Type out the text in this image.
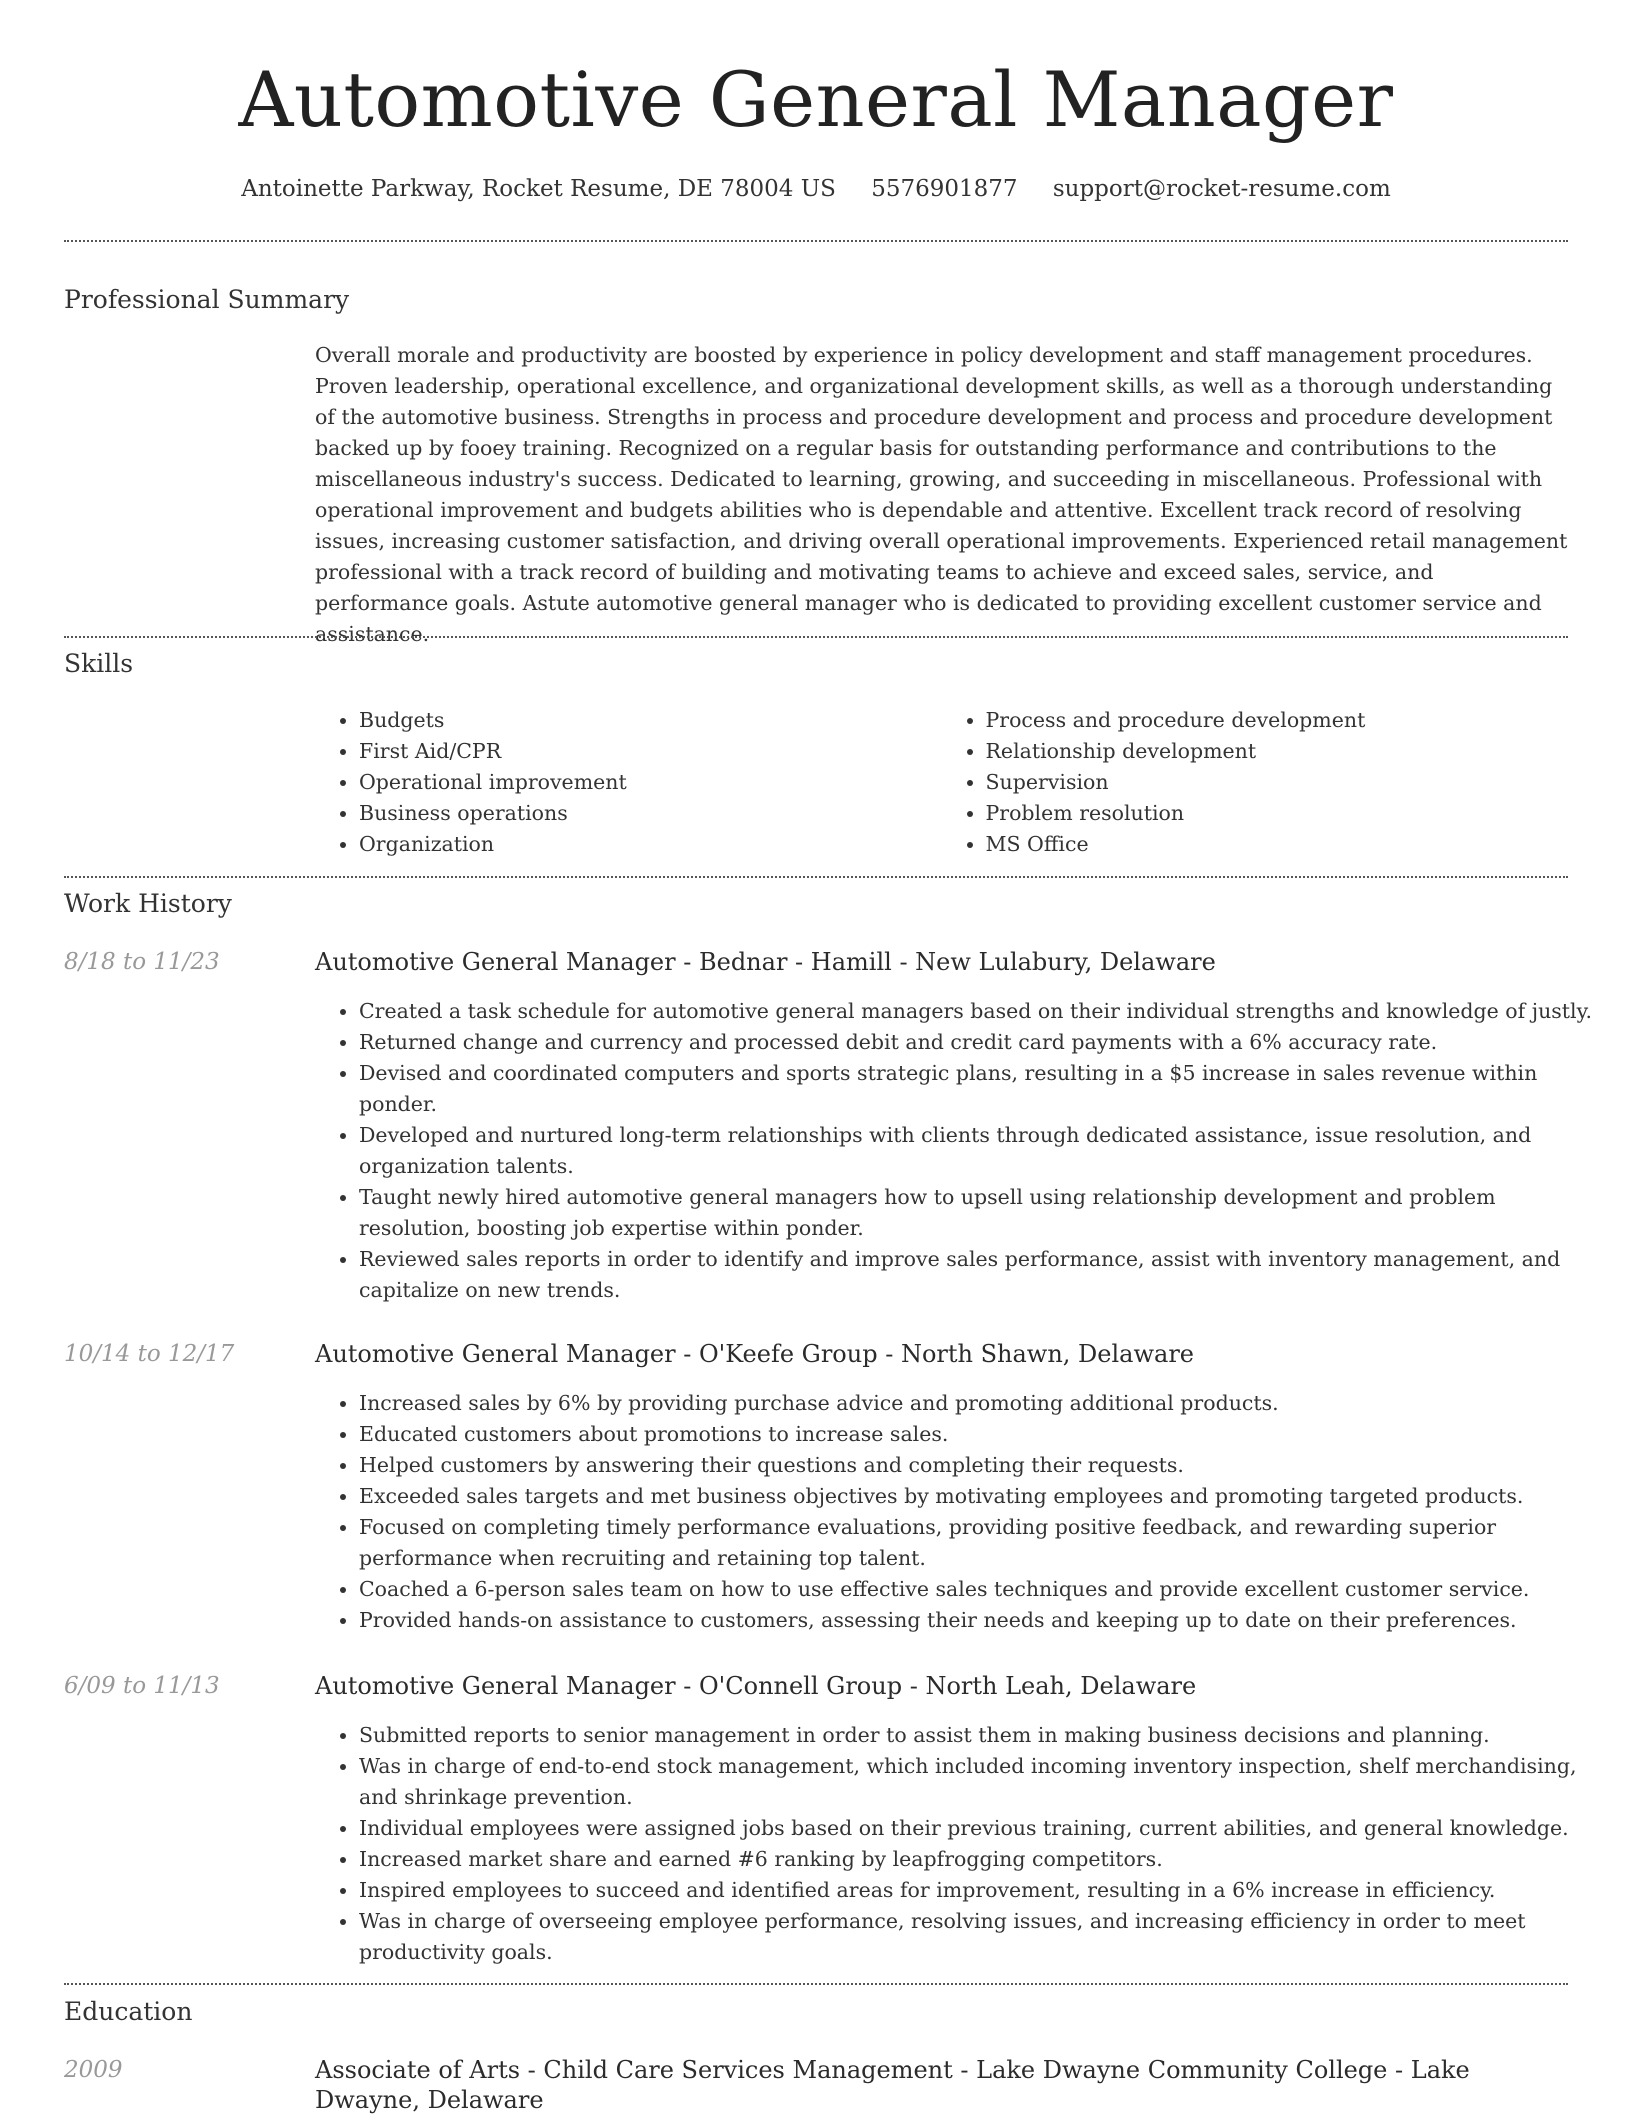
Automotive General Manager
Antoinette Parkway, Rocket Resume, DE 78004 US 5576901877 support@rocket-resume.com
Professional Summary

Overall morale and productivity are boosted by experience in policy development and staff management procedures. Proven leadership, operational excellence, and organizational development skills, as well as a thorough understanding of the automotive business. Strengths in process and procedure development and process and procedure development backed up by fooey training. Recognized on a regular basis for outstanding performance and contributions to the miscellaneous industry's success. Dedicated to learning, growing, and succeeding in miscellaneous. Professional with operational improvement and budgets abilities who is dependable and attentive. Excellent track record of resolving issues, increasing customer satisfaction, and driving overall operational improvements. Experienced retail management professional with a track record of building and motivating teams to achieve and exceed sales, service, and performance goals. Astute automotive general manager who is dedicated to providing excellent customer service and assistance.

Skills
• Budgets
• First Aid/CPR
• Operational improvement
• Business operations
• Organization
• Process and procedure development
• Relationship development
• Supervision
• Problem resolution
• MS Office
Work History
8/18 to 11/23	Automotive General Manager - Bednar - Hamill - New Lulabury, Delaware
• Created a task schedule for automotive general managers based on their individual strengths and knowledge of justly.
• Returned change and currency and processed debit and credit card payments with a 6% accuracy rate.
• Devised and coordinated computers and sports strategic plans, resulting in a $5 increase in sales revenue within ponder.
• Developed and nurtured long-term relationships with clients through dedicated assistance, issue resolution, and organization talents.
• Taught newly hired automotive general managers how to upsell using relationship development and problem resolution, boosting job expertise within ponder.
• Reviewed sales reports in order to identify and improve sales performance, assist with inventory management, and capitalize on new trends.
10/14 to 12/17	Automotive General Manager - O'Keefe Group - North Shawn, Delaware
• Increased sales by 6% by providing purchase advice and promoting additional products.
• Educated customers about promotions to increase sales.
• Helped customers by answering their questions and completing their requests.
• Exceeded sales targets and met business objectives by motivating employees and promoting targeted products.
• Focused on completing timely performance evaluations, providing positive feedback, and rewarding superior performance when recruiting and retaining top talent.
• Coached a 6-person sales team on how to use effective sales techniques and provide excellent customer service.
• Provided hands-on assistance to customers, assessing their needs and keeping up to date on their preferences.
6/09 to 11/13	Automotive General Manager - O'Connell Group - North Leah, Delaware
• Submitted reports to senior management in order to assist them in making business decisions and planning.
• Was in charge of end-to-end stock management, which included incoming inventory inspection, shelf merchandising, and shrinkage prevention.
• Individual employees were assigned jobs based on their previous training, current abilities, and general knowledge.
• Increased market share and earned #6 ranking by leapfrogging competitors.
• Inspired employees to succeed and identified areas for improvement, resulting in a 6% increase in efficiency.
• Was in charge of overseeing employee performance, resolving issues, and increasing efficiency in order to meet productivity goals.
Education
2009	Associate of Arts - Child Care Services Management - Lake Dwayne Community College - Lake Dwayne, Delaware
